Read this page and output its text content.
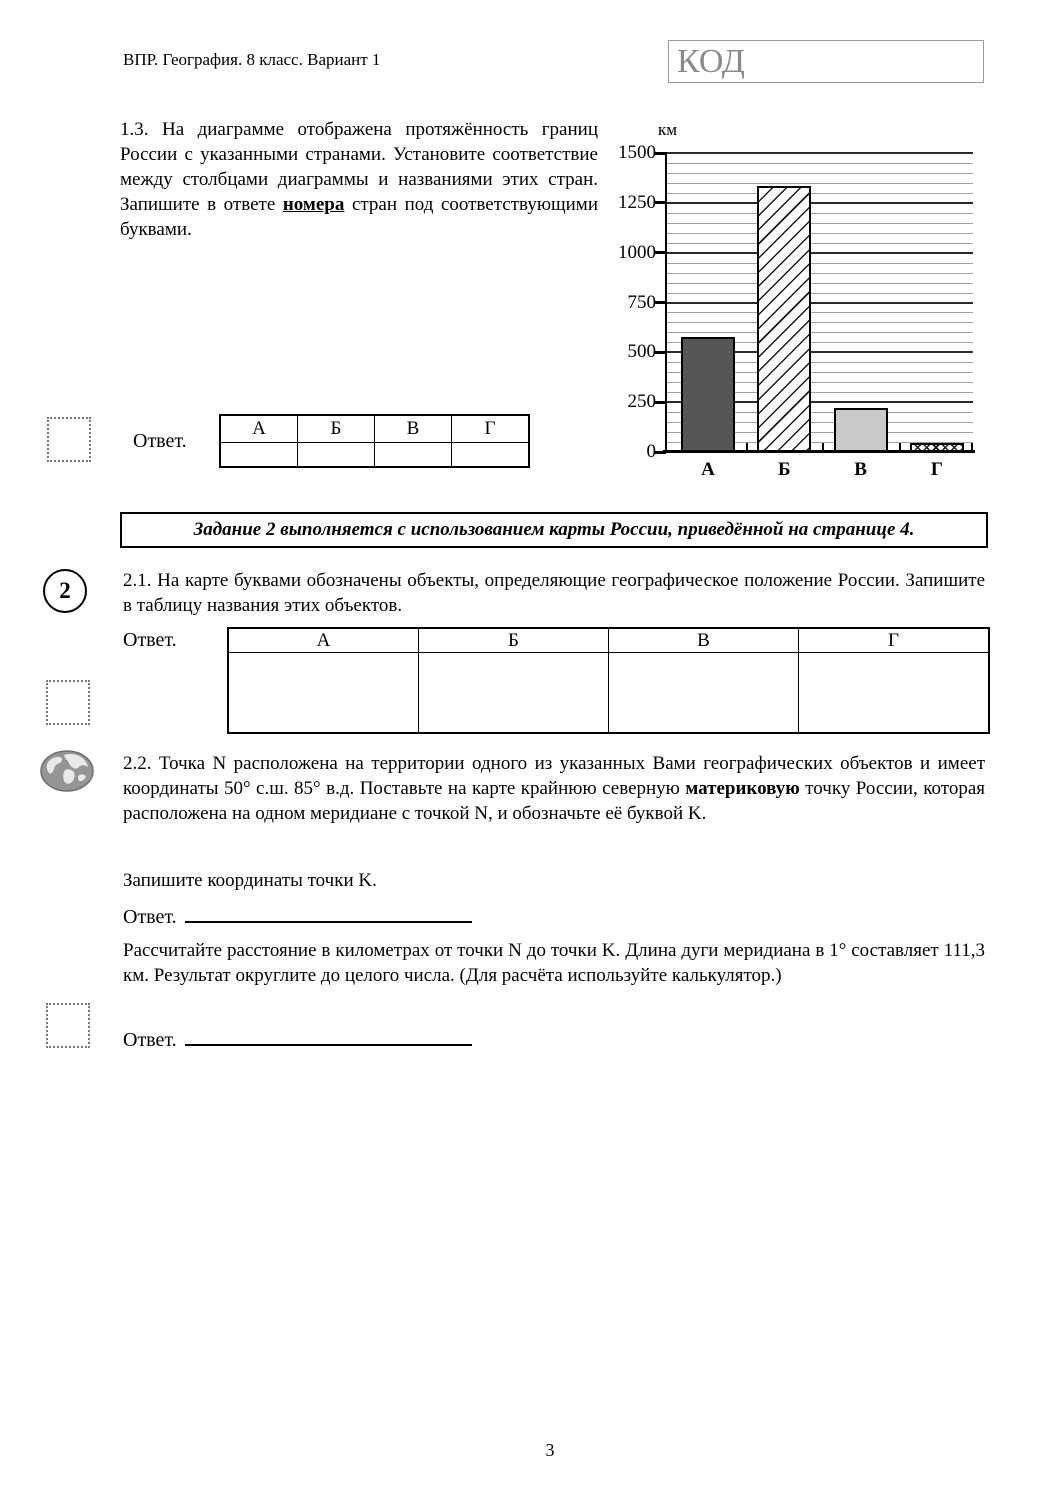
ВПР. География. 8 класс. Вариант 1	КОД
1.3. На диаграмме отображена протяжённость границ России с указанными странами. Установите соответствие между столбцами диаграммы и названиями этих стран. Запишите в ответе номера стран под соответствующими буквами.
км
0
250
500
750
1000
1250
1500
А	Б	В	Г
Ответ.
А	Б	В	Г

Задание 2 выполняется с использованием карты России, приведённой на странице 4.
2	2.1. На карте буквами обозначены объекты, определяющие географическое положение России. Запишите в таблицу названия этих объектов.
Ответ.	А	Б	В	Г

2.2. Точка N расположена на территории одного из указанных Вами географических объектов и имеет координаты 50° с.ш. 85° в.д. Поставьте на карте крайнюю северную материковую точку России, которая расположена на одном меридиане с точкой N, и обозначьте её буквой K.
Запишите координаты точки K.
Ответ.
Рассчитайте расстояние в километрах от точки N до точки K. Длина дуги меридиана в 1° составляет 111,3 км. Результат округлите до целого числа. (Для расчёта используйте калькулятор.)
Ответ.
3
